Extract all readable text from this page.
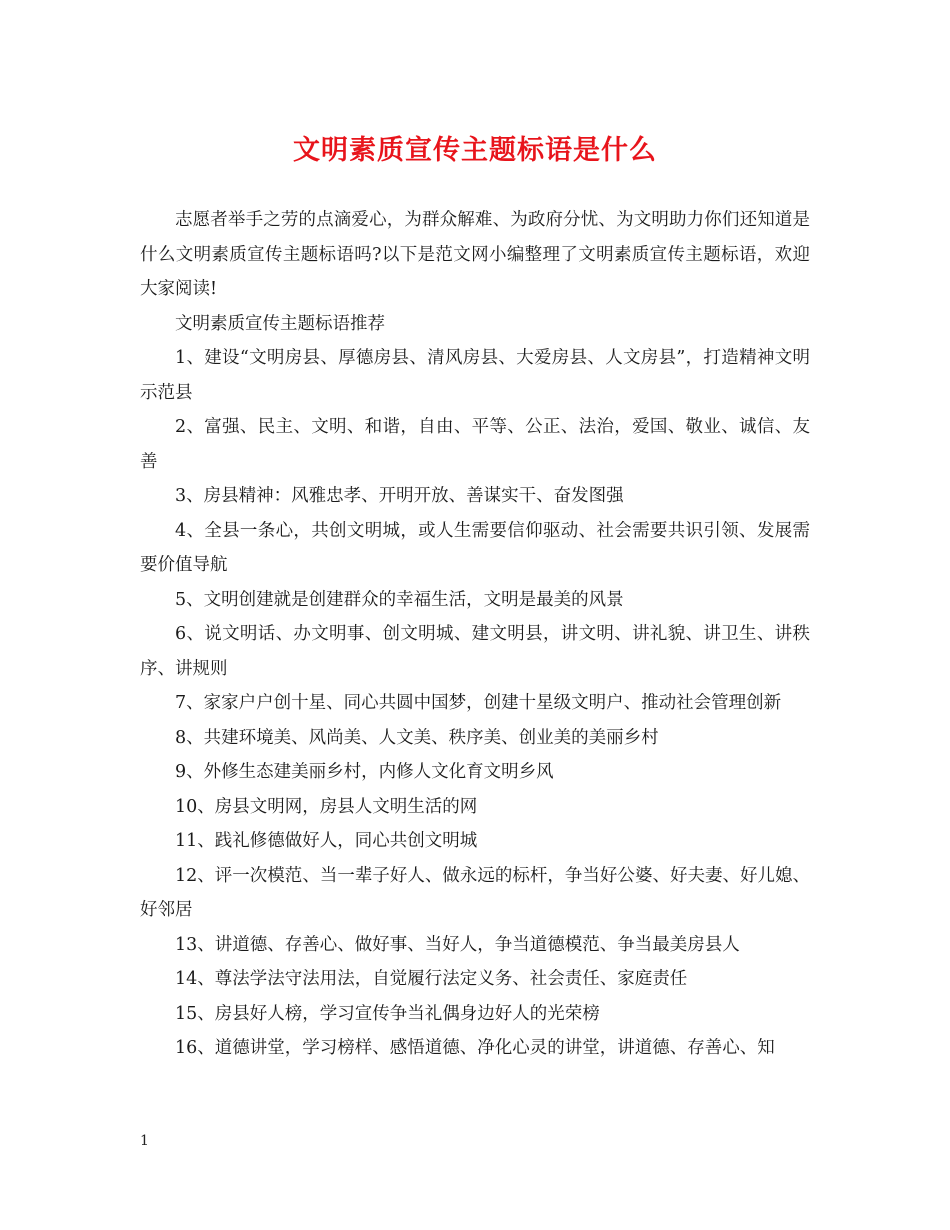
文明素质宣传主题标语是什么

志愿者举手之劳的点滴爱心，为群众解难、为政府分忧、为文明助力你们还知道是什么文明素质宣传主题标语吗?以下是范文网小编整理了文明素质宣传主题标语，欢迎大家阅读!

文明素质宣传主题标语推荐

1、建设“文明房县、厚德房县、清风房县、大爱房县、人文房县”，打造精神文明示范县

2、富强、民主、文明、和谐，自由、平等、公正、法治，爱国、敬业、诚信、友善

3、房县精神：风雅忠孝、开明开放、善谋实干、奋发图强

4、全县一条心，共创文明城，或人生需要信仰驱动、社会需要共识引领、发展需要价值导航

5、文明创建就是创建群众的幸福生活，文明是最美的风景

6、说文明话、办文明事、创文明城、建文明县，讲文明、讲礼貌、讲卫生、讲秩序、讲规则

7、家家户户创十星、同心共圆中国梦，创建十星级文明户、推动社会管理创新

8、共建环境美、风尚美、人文美、秩序美、创业美的美丽乡村

9、外修生态建美丽乡村，内修人文化育文明乡风

10、房县文明网，房县人文明生活的网

11、践礼修德做好人，同心共创文明城

12、评一次模范、当一辈子好人、做永远的标杆，争当好公婆、好夫妻、好儿媳、好邻居

13、讲道德、存善心、做好事、当好人，争当道德模范、争当最美房县人

14、尊法学法守法用法，自觉履行法定义务、社会责任、家庭责任

15、房县好人榜，学习宣传争当礼偶身边好人的光荣榜

16、道德讲堂，学习榜样、感悟道德、净化心灵的讲堂，讲道德、存善心、知

1
